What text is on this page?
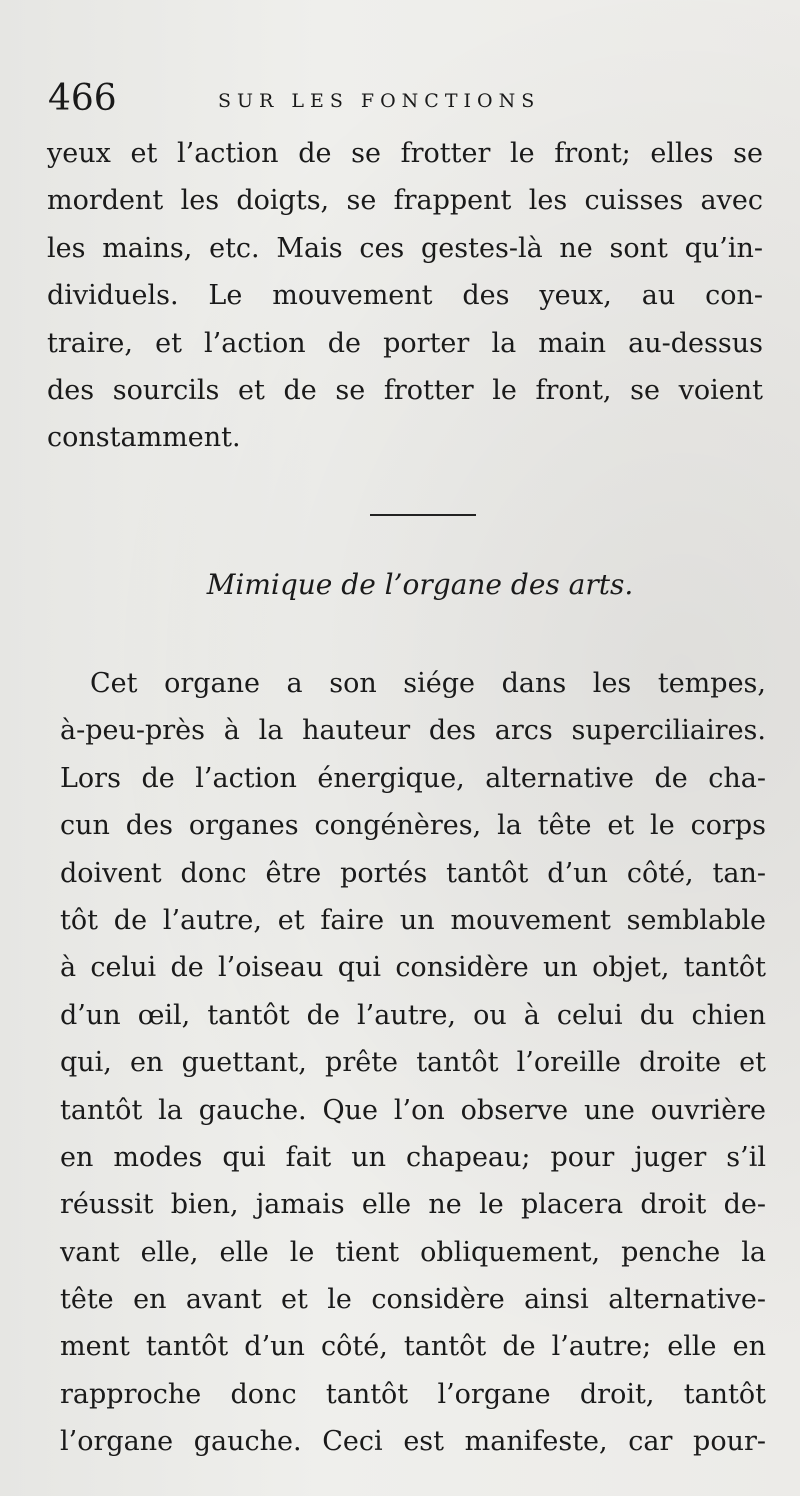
466	SUR LES FONCTIONS
yeux et l’action de se frotter le front; elles se
mordent les doigts, se frappent les cuisses avec
les mains, etc. Mais ces gestes-là ne sont qu’in-
dividuels. Le mouvement des yeux, au con-
traire, et l’action de porter la main au-dessus
des sourcils et de se frotter le front, se voient
constamment.
Mimique de l’organe des arts.
Cet organe a son siége dans les tempes,
à-peu-près à la hauteur des arcs superciliaires.
Lors de l’action énergique, alternative de cha-
cun des organes congénères, la tête et le corps
doivent donc être portés tantôt d’un côté, tan-
tôt de l’autre, et faire un mouvement semblable
à celui de l’oiseau qui considère un objet, tantôt
d’un œil, tantôt de l’autre, ou à celui du chien
qui, en guettant, prête tantôt l’oreille droite et
tantôt la gauche. Que l’on observe une ouvrière
en modes qui fait un chapeau; pour juger s’il
réussit bien, jamais elle ne le placera droit de-
vant elle, elle le tient obliquement, penche la
tête en avant et le considère ainsi alternative-
ment tantôt d’un côté, tantôt de l’autre; elle en
rapproche donc tantôt l’organe droit, tantôt
l’organe gauche. Ceci est manifeste, car pour-
